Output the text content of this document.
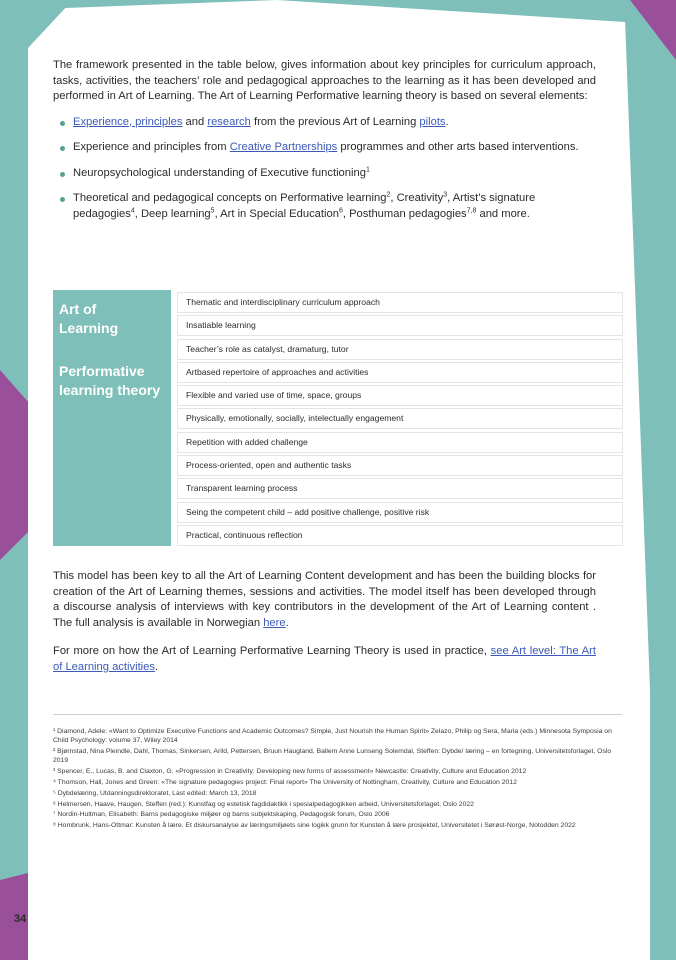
The framework presented in the table below, gives information about key principles for curriculum approach, tasks, activities, the teachers’ role and pedagogical approaches to the learning as it has been developed and performed in Art of Learning. The Art of Learning Performative learning theory is based on several elements:

Experience, principles and research from the previous Art of Learning pilots.
Experience and principles from Creative Partnerships programmes and other arts based interventions.
Neuropsychological understanding of Executive functioning$^1$
Theoretical and pedagogical concepts on Performative learning$^2$, Creativity$^3$, Artist’s signature pedagogies$^4$, Deep learning$^5$, Art in Special Education$^6$, Posthuman pedagogies$^{7,8}$ and more.
Art of Learning
Performative learning theory
Thematic and interdisciplinary curriculum approach
Insatiable learning
Teacher’s role as catalyst, dramaturg, tutor
Artbased repertoire of approaches and activities
Flexible and varied use of time, space, groups
Physically, emotionally, socially, intelectually engagement
Repetition with added challenge
Process-oriented, open and authentic tasks
Transparent learning process
Seing the competent child – add positive challenge, positive risk
Practical, continuous reflection

This model has been key to all the Art of Learning Content development and has been the building blocks for creation of the Art of Learning themes, sessions and activities. The model itself has been developed through a discourse analysis of interviews with key contributors in the development of the Art of Learning content . The full analysis is available in Norwegian here.

For more on how the Art of Learning Performative Learning Theory is used in practice, see Art level: The Art of Learning activities.

¹ Diamond, Adele: «Want to Optimize Executive Functions and Academic Outcomes? Simple, Just Nourish the Human Spirit» Zelazo, Philip og Sera, Maria (eds.) Minnesota Symposia on Child Psychology: volume 37, Wiley 2014
² Bjørnstad, Nina Pleindle, Dahl, Thomas, Sinkersen, Arild, Pettersen, Bruun Haugland, Ballem Anne Lunseng Solemdal, Steffen: Dybde/ læring – en fortegning, Universitetsforlaget, Oslo 2019
³ Spencer, E., Lucas, B. and Claxton, G. «Progression in Creativity: Developing new forms of assessment» Newcastle: Creativity, Culture and Education 2012
⁴ Thomson, Hall, Jones and Green: «The signature pedagogies project: Final report» The University of Nottingham, Creativity, Culture and Education 2012
⁵ Dybdelæring, Utdanningsdirektoratet, Last edited: March 13, 2018
⁶ Helmersen, Haave, Haugen, Steffen (red.): Kunstfag og estetisk fagdidaktikk i spesialpedagogikken arbeid, Universitetsforlaget, Oslo 2022
⁷ Nordin-Hultman, Elisabeth: Barns pedagogiske miljøer og barns subjektskaping, Pedagogisk forum, Oslo 2006
⁸ Hombrunk, Hans-Ottmar: Kunsten å lære. Et diskursanalyse av læringsmiljøets sine logikk grunn for Kunsten å lære prosjektet, Universitetet i Sørøst-Norge, Notodden 2022
34
